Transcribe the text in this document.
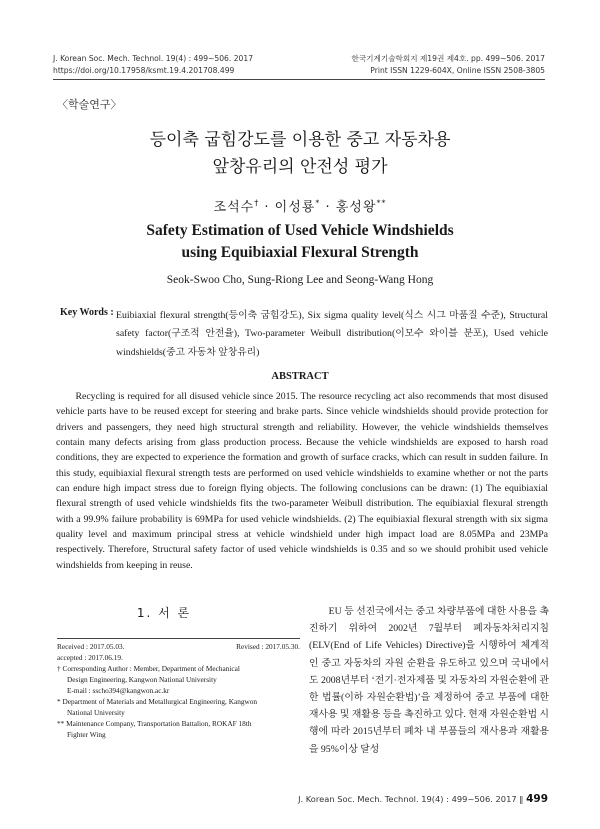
J. Korean Soc. Mech. Technol. 19(4) : 499~506. 2017
https://doi.org/10.17958/ksmt.19.4.201708.499
한국기계기술학회지 제19권 제4호. pp. 499~506. 2017
Print ISSN 1229-604X, Online ISSN 2508-3805
〈학술연구〉
등이축 굽힘강도를 이용한 중고 자동차용
앞창유리의 안전성 평가
조석수† · 이성룡* · 홍성왕**
Safety Estimation of Used Vehicle Windshields
using Equibiaxial Flexural Strength
Seok-Swoo Cho, Sung-Riong Lee and Seong-Wang Hong
Key Words : Euibiaxial flexural strength(등이축 굽힘강도), Six sigma quality level(식스 시그 마품질 수준), Structural safety factor(구조적 안전율), Two-parameter Weibull distribution(이모수 와이블 분포), Used vehicle windshields(중고 자동차 앞창유리)
ABSTRACT

Recycling is required for all disused vehicle since 2015. The resource recycling act also recommends that most disused vehicle parts have to be reused except for steering and brake parts. Since vehicle windshields should provide protection for drivers and passengers, they need high structural strength and reliability. However, the vehicle windshields themselves contain many defects arising from glass production process. Because the vehicle windshields are exposed to harsh road conditions, they are expected to experience the formation and growth of surface cracks, which can result in sudden failure. In this study, equibiaxial flexural strength tests are performed on used vehicle windshields to examine whether or not the parts can endure high impact stress due to foreign flying objects. The following conclusions can be drawn: (1) The equibiaxial flexural strength of used vehicle windshields fits the two-parameter Weibull distribution. The equibiaxial flexural strength with a 99.9% failure probability is 69MPa for used vehicle windshields. (2) The equibiaxial flexural strength with six sigma quality level and maximum principal stress at vehicle windshield under high impact load are 8.05MPa and 23MPa respectively. Therefore, Structural safety factor of used vehicle windshields is 0.35 and so we should prohibit used vehicle windshields from keeping in reuse.

1. 서 론
Received : 2017.05.03.	Revised : 2017.05.30.
accepted : 2017.06.19.
† Corresponding Author : Member, Department of Mechanical
Design Engineering, Kangwon National University
E-mail : sscho394@kangwon.ac.kr
* Department of Materials and Metallurgical Engineering, Kangwon
National University
** Maintenance Company, Transportation Battalion, ROKAF 18th
Fighter Wing

EU 등 선진국에서는 중고 차량부품에 대한 사용을 촉진하기 위하여 2002년 7월부터 폐자동차처리지침(ELV(End of Life Vehicles) Directive)을 시행하여 체계적인 중고 자동차의 자원 순환을 유도하고 있으며 국내에서도 2008년부터 ‘전기·전자제품 및 자동차의 자원순환에 관한 법률(이하 자원순환법)’을 제정하여 중고 부품에 대한 재사용 및 재활용 등을 촉진하고 있다. 현재 자원순환법 시행에 따라 2015년부터 폐차 내 부품들의 재사용과 재활용을 95%이상 달성

J. Korean Soc. Mech. Technol. 19(4) : 499~506. 2017 ‖ 499
